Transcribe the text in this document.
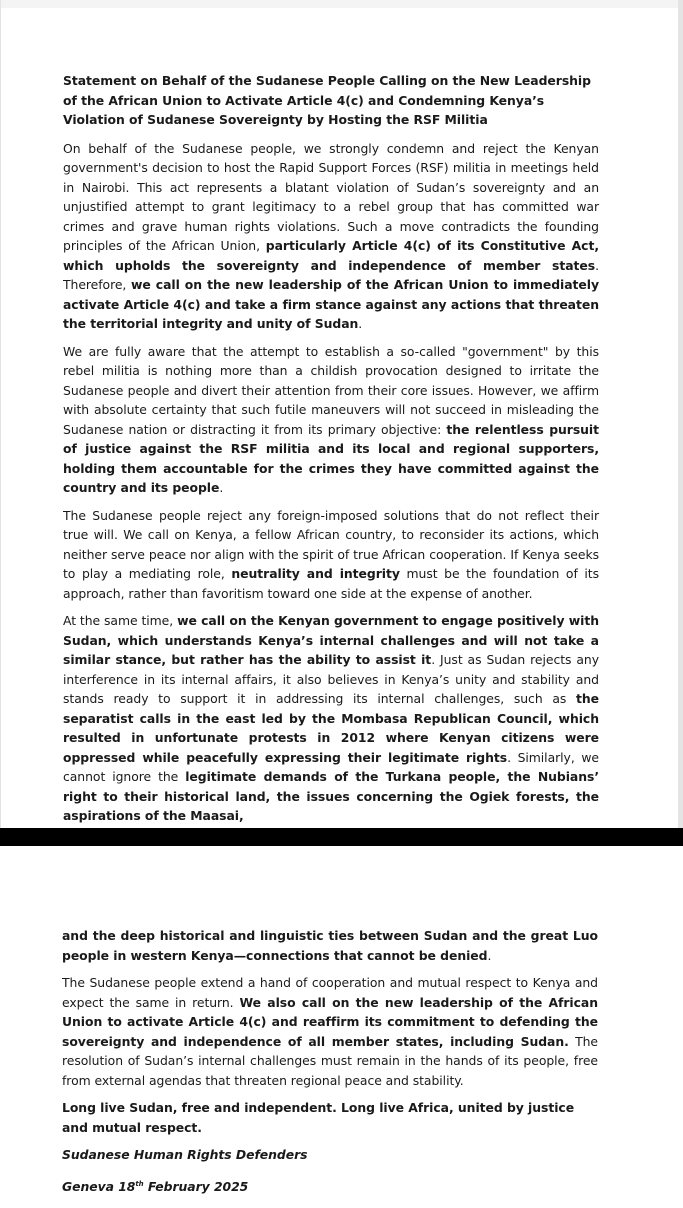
Statement on Behalf of the Sudanese People Calling on the New Leadership of the African Union to Activate Article 4(c) and Condemning Kenya’s Violation of Sudanese Sovereignty by Hosting the RSF Militia

On behalf of the Sudanese people, we strongly condemn and reject the Kenyan government's decision to host the Rapid Support Forces (RSF) militia in meetings held in Nairobi. This act represents a blatant violation of Sudan’s sovereignty and an unjustified attempt to grant legitimacy to a rebel group that has committed war crimes and grave human rights violations. Such a move contradicts the founding principles of the African Union, particularly Article 4(c) of its Constitutive Act, which upholds the sovereignty and independence of member states. Therefore, we call on the new leadership of the African Union to immediately activate Article 4(c) and take a firm stance against any actions that threaten the territorial integrity and unity of Sudan.

We are fully aware that the attempt to establish a so-called "government" by this rebel militia is nothing more than a childish provocation designed to irritate the Sudanese people and divert their attention from their core issues. However, we affirm with absolute certainty that such futile maneuvers will not succeed in misleading the Sudanese nation or distracting it from its primary objective: the relentless pursuit of justice against the RSF militia and its local and regional supporters, holding them accountable for the crimes they have committed against the country and its people.

The Sudanese people reject any foreign-imposed solutions that do not reflect their true will. We call on Kenya, a fellow African country, to reconsider its actions, which neither serve peace nor align with the spirit of true African cooperation. If Kenya seeks to play a mediating role, neutrality and integrity must be the foundation of its approach, rather than favoritism toward one side at the expense of another.

At the same time, we call on the Kenyan government to engage positively with Sudan, which understands Kenya’s internal challenges and will not take a similar stance, but rather has the ability to assist it. Just as Sudan rejects any interference in its internal affairs, it also believes in Kenya’s unity and stability and stands ready to support it in addressing its internal challenges, such as the separatist calls in the east led by the Mombasa Republican Council, which resulted in unfortunate protests in 2012 where Kenyan citizens were oppressed while peacefully expressing their legitimate rights. Similarly, we cannot ignore the legitimate demands of the Turkana people, the Nubians’ right to their historical land, the issues concerning the Ogiek forests, the aspirations of the Maasai,

and the deep historical and linguistic ties between Sudan and the great Luo people in western Kenya—connections that cannot be denied.

The Sudanese people extend a hand of cooperation and mutual respect to Kenya and expect the same in return. We also call on the new leadership of the African Union to activate Article 4(c) and reaffirm its commitment to defending the sovereignty and independence of all member states, including Sudan. The resolution of Sudan’s internal challenges must remain in the hands of its people, free from external agendas that threaten regional peace and stability.

Long live Sudan, free and independent. Long live Africa, united by justice and mutual respect.

Sudanese Human Rights Defenders

Geneva 18th February 2025
